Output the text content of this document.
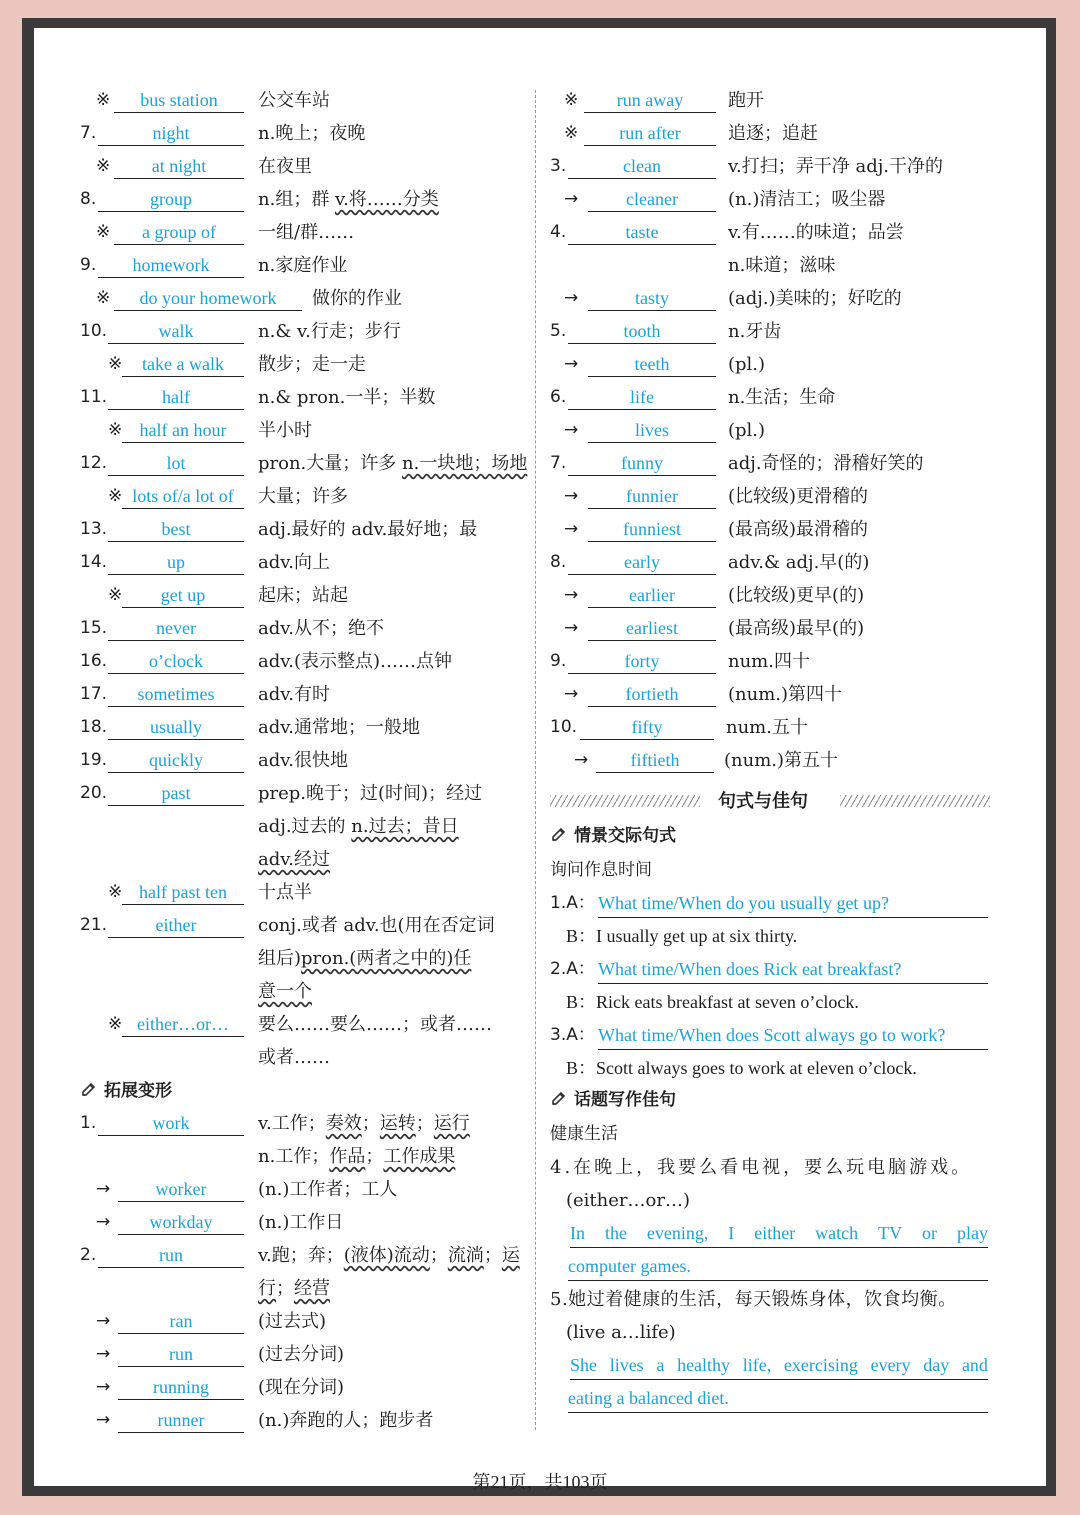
※	bus station	公交车站
7.	night	n.晚上；夜晚
※	at night	在夜里
8.	group	n.组；群 v.将……分类
※	a group of	一组/群……
9.	homework	n.家庭作业
※	do your homework	做你的作业
10.	walk	n.& v.行走；步行
※	take a walk	散步；走一走
11.	half	n.& pron.一半；半数
※ half an hour	半小时
12.	lot	pron.大量；许多 n.一块地；场地
※ lots of/a lot of	大量；许多
13.	best	adj.最好的 adv.最好地；最
14.	up	adv.向上
※	get up	起床；站起
15.	never	adv.从不；绝不
16.	o’clock	adv.(表示整点)……点钟
17.	sometimes	adv.有时
18.	usually	adv.通常地；一般地
19.	quickly	adv.很快地
20.	past	prep.晚于；过(时间)；经过
adj.过去的 n.过去；昔日
adv.经过
※ half past ten	十点半
21.	either	conj.或者 adv.也(用在否定词
组后)pron.(两者之中的)任
意一个
※ either…or…	要么……要么……；或者……
或者……
拓展变形
1.	work	v.工作；奏效；运转；运行
n.工作；作品；工作成果
→	worker	(n.)工作者；工人
→	workday	(n.)工作日
2.	run	v.跑；奔；(液体)流动；流淌；运
行；经营
→	ran	(过去式)
→	run	(过去分词)
→	running	(现在分词)
→	runner	(n.)奔跑的人；跑步者
※	run away	跑开
※	run after	追逐；追赶
3.	clean	v.打扫；弄干净 adj.干净的
→	cleaner	(n.)清洁工；吸尘器
4.	taste	v.有……的味道；品尝
n.味道；滋味
→	tasty	(adj.)美味的；好吃的
5.	tooth	n.牙齿
→	teeth	(pl.)
6.	life	n.生活；生命
→	lives	(pl.)
7.	funny	adj.奇怪的；滑稽好笑的
→	funnier	(比较级)更滑稽的
→	funniest	(最高级)最滑稽的
8.	early	adv.& adj.早(的)
→	earlier	(比较级)更早(的)
→	earliest	(最高级)最早(的)
9.	forty	num.四十
→	fortieth	(num.)第四十
10.	fifty	num.五十
→	fiftieth	(num.)第五十
句式与佳句
情景交际句式
询问作息时间
1.A： What time/When do you usually get up?
B：I usually get up at six thirty.
2.A： What time/When does Rick eat breakfast?
B：Rick eats breakfast at seven o’clock.
3.A： What time/When does Scott always go to work?
B：Scott always goes to work at eleven o’clock.
话题写作佳句
健康生活
4.在晚上，我要么看电视，要么玩电脑游戏。
(either…or…)
In the evening, I either watch TV or play
computer games.
5.她过着健康的生活，每天锻炼身体，饮食均衡。
(live a…life)
She lives a healthy life, exercising every day and
eating a balanced diet.
第21页，共103页
